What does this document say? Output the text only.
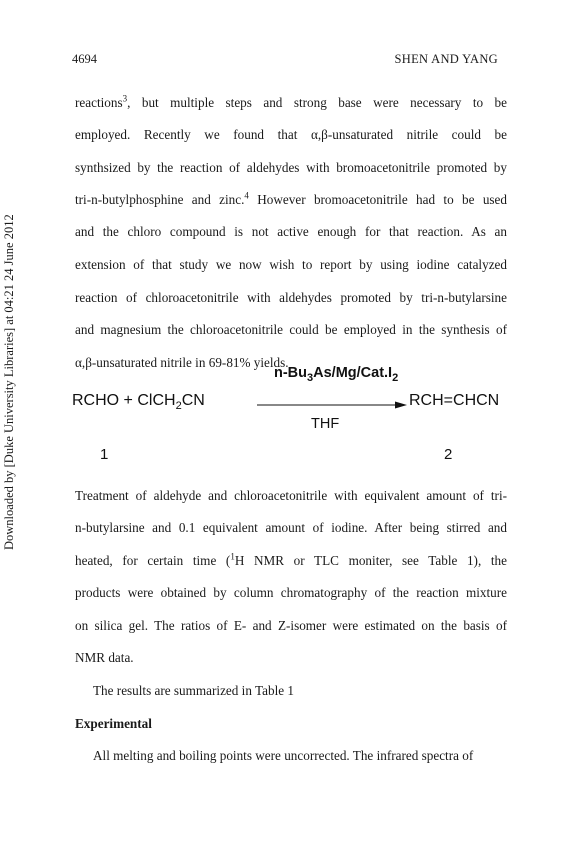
4694	SHEN AND YANG
Downloaded by [Duke University Libraries] at 04:21 24 June 2012
reactions$^3$, but multiple steps and strong base were necessary to be
employed. Recently we found that α,β-unsaturated nitrile could be
synthsized by the reaction of aldehydes with bromoacetonitrile promoted by
tri-n-butylphosphine and zinc.$^4$ However bromoacetonitrile had to be used
and the chloro compound is not active enough for that reaction. As an
extension of that study we now wish to report by using iodine catalyzed
reaction of chloroacetonitrile with aldehydes promoted by tri-n-butylarsine
and magnesium the chloroacetonitrile could be employed in the synthesis of
α,β-unsaturated nitrile in 69-81% yields.
$n-Bu_3As/Mg/Cat.I_2$
RCHO + ClCH$_2$CN	RCH=CHCN
THF
1	2
Treatment of aldehyde and chloroacetonitrile with equivalent amount of tri-
n-butylarsine and 0.1 equivalent amount of iodine. After being stirred and
heated, for certain time ($^1$H NMR or TLC moniter, see Table 1), the
products were obtained by column chromatography of the reaction mixture
on silica gel. The ratios of E- and Z-isomer were estimated on the basis of
NMR data.
The results are summarized in Table 1
Experimental
All melting and boiling points were uncorrected. The infrared spectra of
